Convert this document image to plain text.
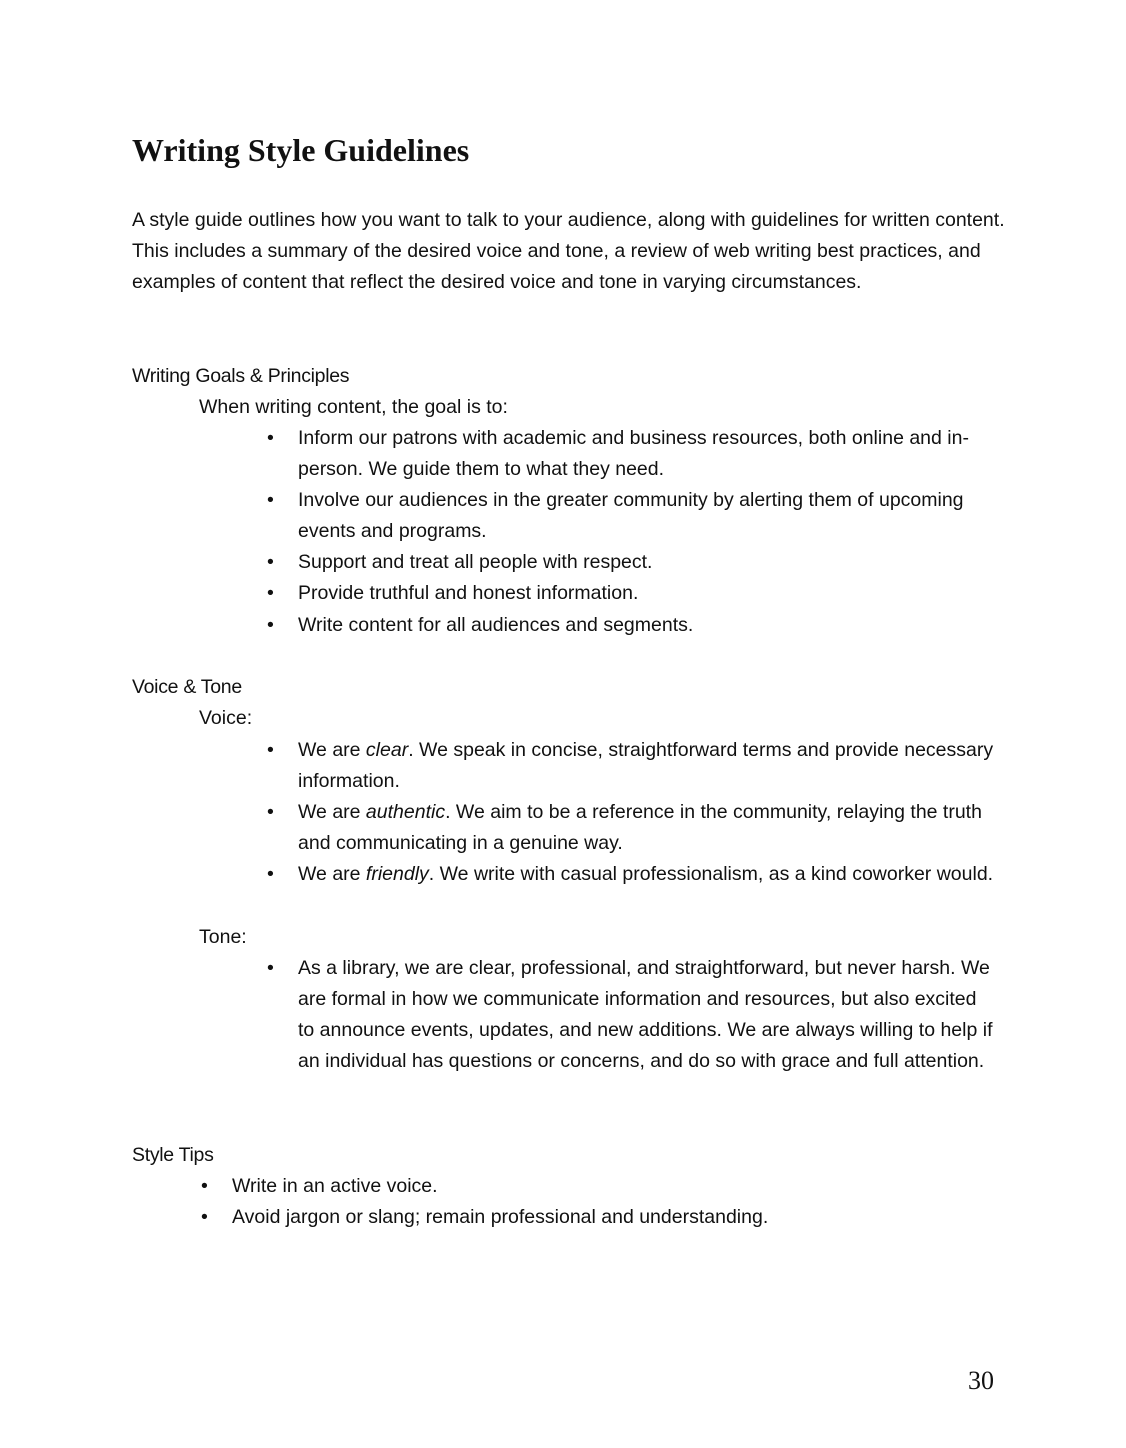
Writing Style Guidelines

A style guide outlines how you want to talk to your audience, along with guidelines for written content. This includes a summary of the desired voice and tone, a review of web writing best practices, and examples of content that reflect the desired voice and tone in varying circumstances.

Writing Goals & Principles

When writing content, the goal is to:

• Inform our patrons with academic and business resources, both online and in-person. We guide them to what they need.
• Involve our audiences in the greater community by alerting them of upcoming events and programs.
• Support and treat all people with respect.
• Provide truthful and honest information.
• Write content for all audiences and segments.
Voice & Tone

Voice:

• We are clear. We speak in concise, straightforward terms and provide necessary information.
• We are authentic. We aim to be a reference in the community, relaying the truth and communicating in a genuine way.
• We are friendly. We write with casual professionalism, as a kind coworker would.

Tone:

• As a library, we are clear, professional, and straightforward, but never harsh. We are formal in how we communicate information and resources, but also excited to announce events, updates, and new additions. We are always willing to help if an individual has questions or concerns, and do so with grace and full attention.
Style Tips
• Write in an active voice.
• Avoid jargon or slang; remain professional and understanding.

30
